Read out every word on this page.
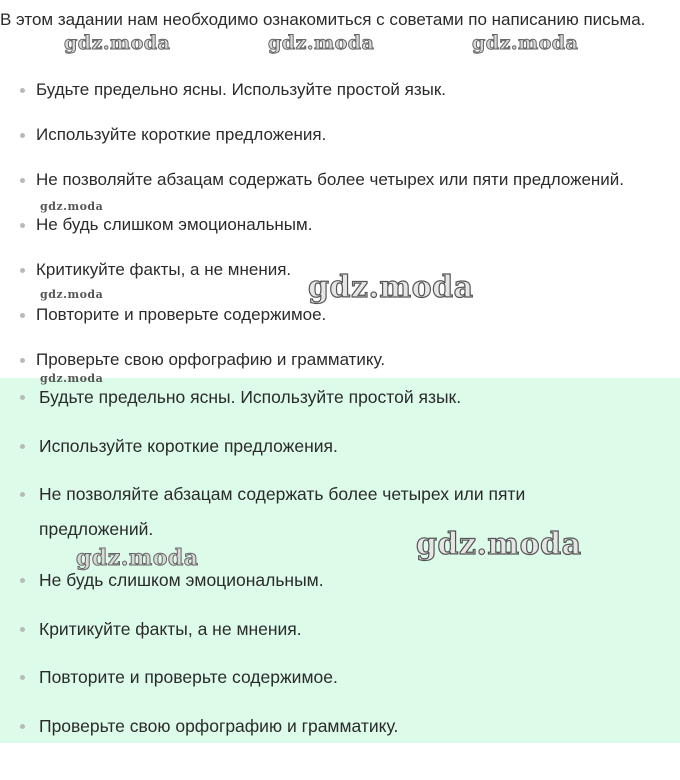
В этом задании нам необходимо ознакомиться с советами по написанию письма.
Будьте предельно ясны. Используйте простой язык.
Используйте короткие предложения.
Не позволяйте абзацам содержать более четырех или пяти предложений.
Не будь слишком эмоциональным.
Критикуйте факты, а не мнения.
Повторите и проверьте содержимое.
Проверьте свою орфографию и грамматику.
Будьте предельно ясны. Используйте простой язык.
Используйте короткие предложения.
Не позволяйте абзацам содержать более четырех или пяти предложений.
Не будь слишком эмоциональным.
Критикуйте факты, а не мнения.
Повторите и проверьте содержимое.
Проверьте свою орфографию и грамматику.
gdz.moda	gdz.moda	gdz.moda
gdz.moda
gdz.moda
gdz.moda
gdz.moda
gdz.moda
gdz.moda
